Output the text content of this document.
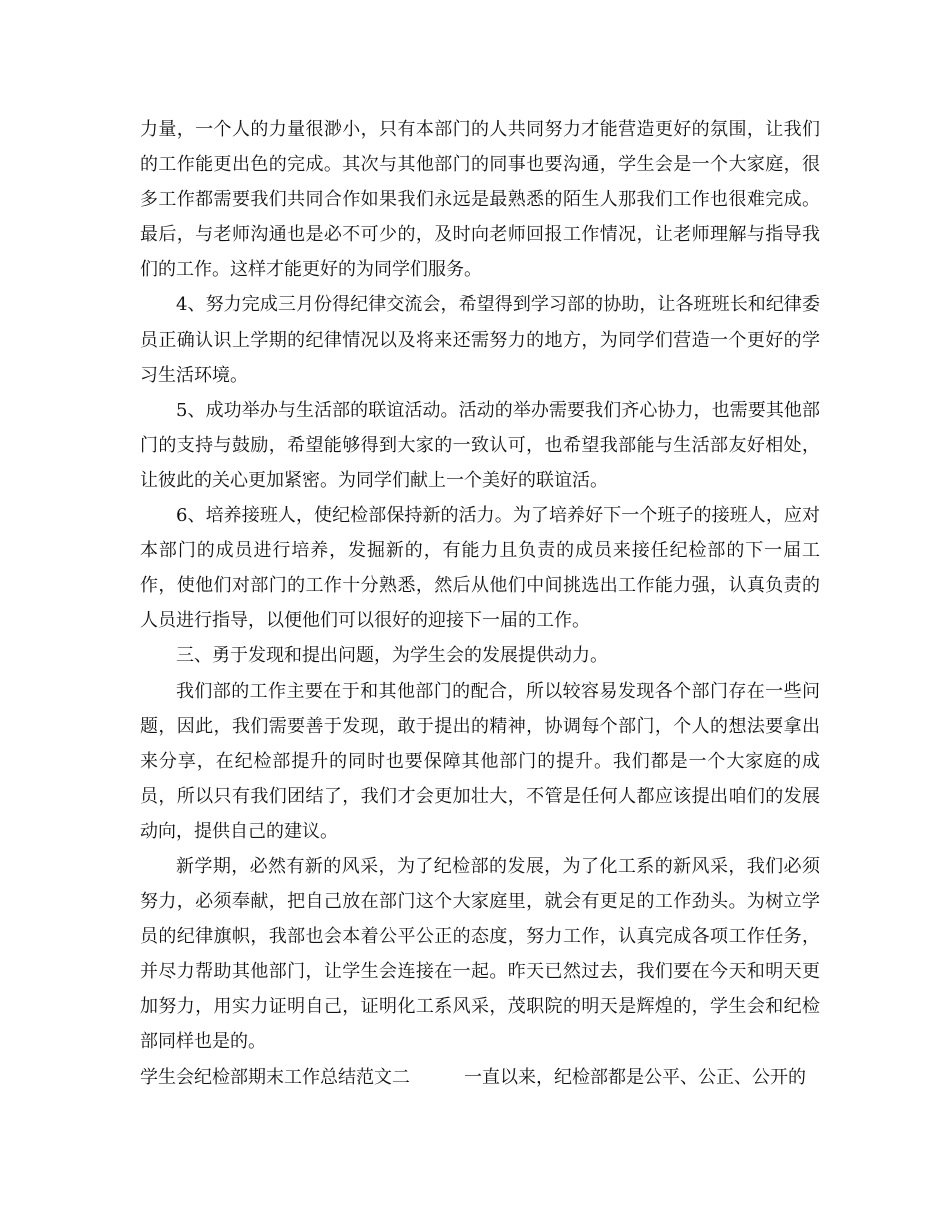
力量，一个人的力量很渺小，只有本部门的人共同努力才能营造更好的氛围，让我们的工作能更出色的完成。其次与其他部门的同事也要沟通，学生会是一个大家庭，很多工作都需要我们共同合作如果我们永远是最熟悉的陌生人那我们工作也很难完成。最后，与老师沟通也是必不可少的，及时向老师回报工作情况，让老师理解与指导我们的工作。这样才能更好的为同学们服务。

4、努力完成三月份得纪律交流会，希望得到学习部的协助，让各班班长和纪律委员正确认识上学期的纪律情况以及将来还需努力的地方，为同学们营造一个更好的学习生活环境。

5、成功举办与生活部的联谊活动。活动的举办需要我们齐心协力，也需要其他部门的支持与鼓励，希望能够得到大家的一致认可，也希望我部能与生活部友好相处，让彼此的关心更加紧密。为同学们献上一个美好的联谊活。

6、培养接班人，使纪检部保持新的活力。为了培养好下一个班子的接班人，应对本部门的成员进行培养，发掘新的，有能力且负责的成员来接任纪检部的下一届工作，使他们对部门的工作十分熟悉，然后从他们中间挑选出工作能力强，认真负责的人员进行指导，以便他们可以很好的迎接下一届的工作。

三、勇于发现和提出问题，为学生会的发展提供动力。

我们部的工作主要在于和其他部门的配合，所以较容易发现各个部门存在一些问题，因此，我们需要善于发现，敢于提出的精神，协调每个部门，个人的想法要拿出来分享，在纪检部提升的同时也要保障其他部门的提升。我们都是一个大家庭的成员，所以只有我们团结了，我们才会更加壮大，不管是任何人都应该提出咱们的发展动向，提供自己的建议。

新学期，必然有新的风采，为了纪检部的发展，为了化工系的新风采，我们必须努力，必须奉献，把自己放在部门这个大家庭里，就会有更足的工作劲头。为树立学员的纪律旗帜，我部也会本着公平公正的态度，努力工作，认真完成各项工作任务，并尽力帮助其他部门，让学生会连接在一起。昨天已然过去，我们要在今天和明天更加努力，用实力证明自己，证明化工系风采，茂职院的明天是辉煌的，学生会和纪检部同样也是的。

学生会纪检部期末工作总结范文二	一直以来，纪检部都是公平、公正、公开的
